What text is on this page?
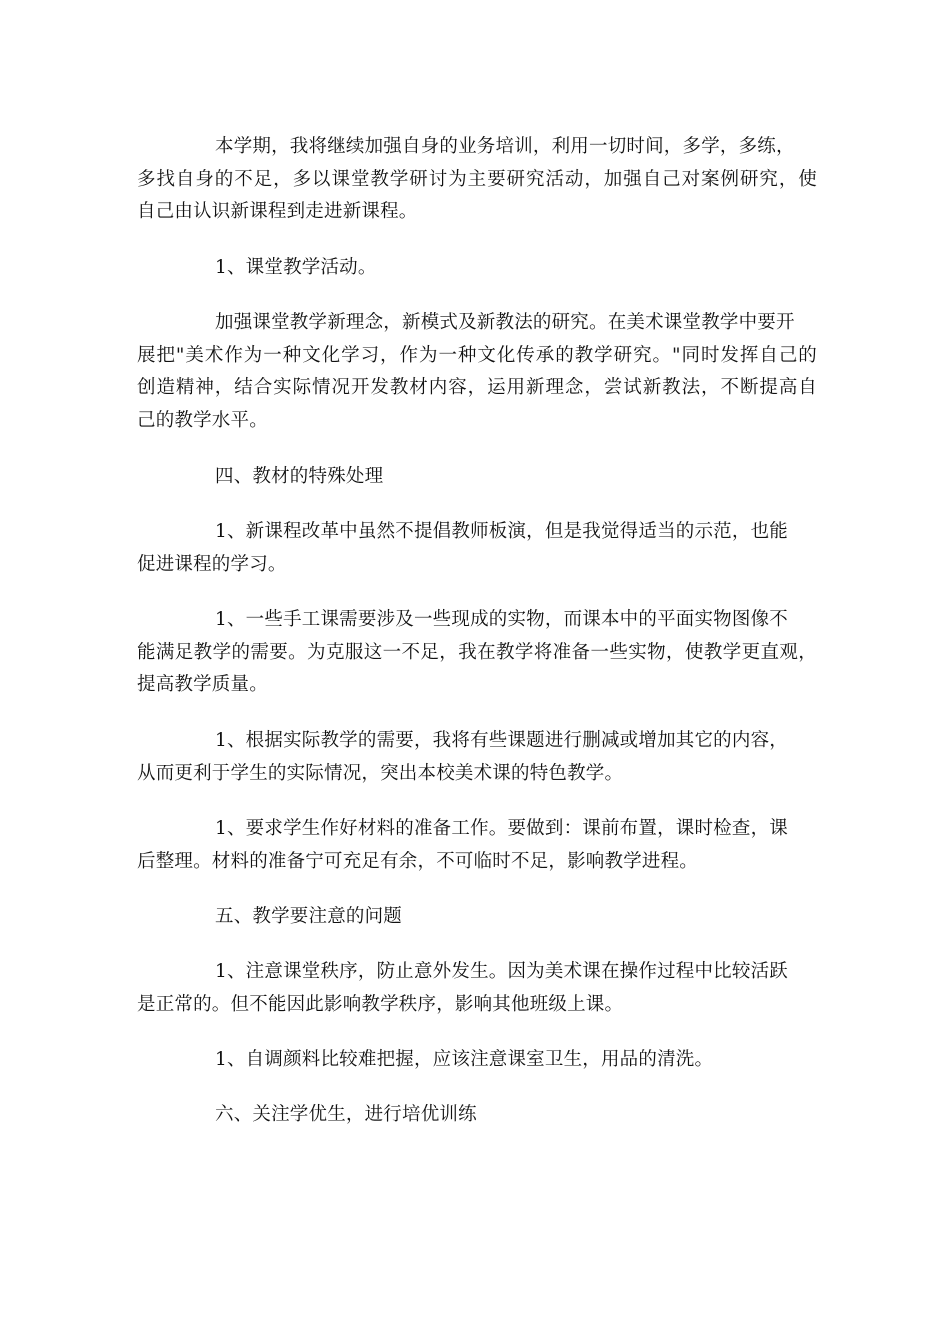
本学期，我将继续加强自身的业务培训，利用一切时间，多学，多练，
多找自身的不足，多以课堂教学研讨为主要研究活动，加强自己对案例研究，使
自己由认识新课程到走进新课程。
1、课堂教学活动。
加强课堂教学新理念，新模式及新教法的研究。在美术课堂教学中要开
展把"美术作为一种文化学习，作为一种文化传承的教学研究。"同时发挥自己的
创造精神，结合实际情况开发教材内容，运用新理念，尝试新教法，不断提高自
己的教学水平。
四、教材的特殊处理
1、新课程改革中虽然不提倡教师板演，但是我觉得适当的示范，也能
促进课程的学习。
1、一些手工课需要涉及一些现成的实物，而课本中的平面实物图像不
能满足教学的需要。为克服这一不足，我在教学将准备一些实物，使教学更直观，
提高教学质量。
1、根据实际教学的需要，我将有些课题进行删减或增加其它的内容，
从而更利于学生的实际情况，突出本校美术课的特色教学。
1、要求学生作好材料的准备工作。要做到：课前布置，课时检查，课
后整理。材料的准备宁可充足有余，不可临时不足，影响教学进程。
五、教学要注意的问题
1、注意课堂秩序，防止意外发生。因为美术课在操作过程中比较活跃
是正常的。但不能因此影响教学秩序，影响其他班级上课。
1、自调颜料比较难把握，应该注意课室卫生，用品的清洗。
六、关注学优生，进行培优训练
